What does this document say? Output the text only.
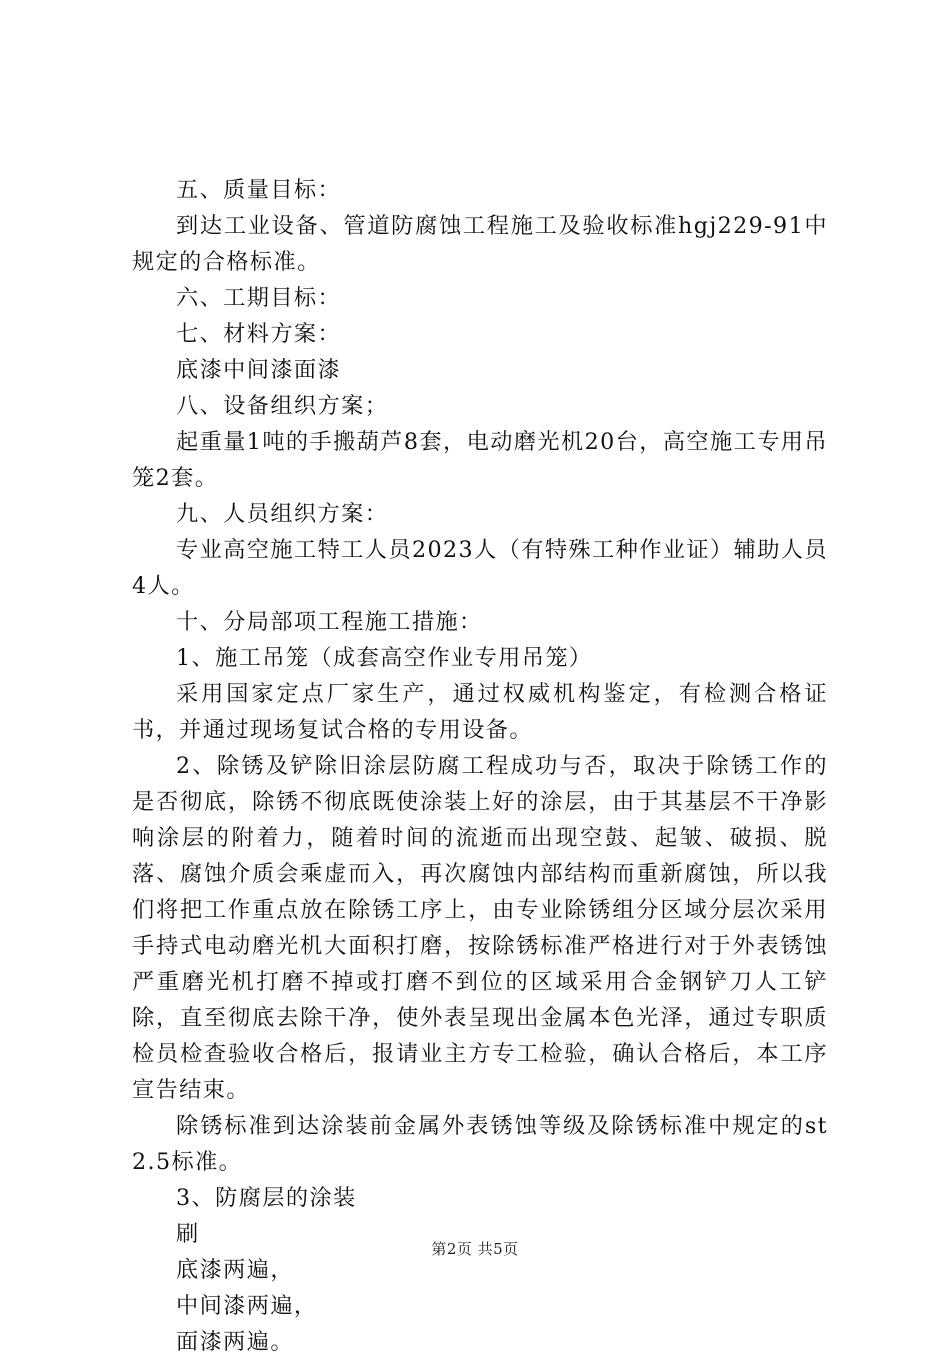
五、质量目标：

到达工业设备、管道防腐蚀工程施工及验收标准hgj229-91中规定的合格标准。

六、工期目标：

七、材料方案：

底漆中间漆面漆

八、设备组织方案；

起重量1吨的手搬葫芦8套，电动磨光机20台，高空施工专用吊笼2套。

九、人员组织方案：

专业高空施工特工人员2023人（有特殊工种作业证）辅助人员4人。

十、分局部项工程施工措施：

1、施工吊笼（成套高空作业专用吊笼）

采用国家定点厂家生产，通过权威机构鉴定，有检测合格证书，并通过现场复试合格的专用设备。

2、除锈及铲除旧涂层防腐工程成功与否，取决于除锈工作的是否彻底，除锈不彻底既使涂装上好的涂层，由于其基层不干净影响涂层的附着力，随着时间的流逝而出现空鼓、起皱、破损、脱落、腐蚀介质会乘虚而入，再次腐蚀内部结构而重新腐蚀，所以我们将把工作重点放在除锈工序上，由专业除锈组分区域分层次采用手持式电动磨光机大面积打磨，按除锈标准严格进行对于外表锈蚀严重磨光机打磨不掉或打磨不到位的区域采用合金钢铲刀人工铲除，直至彻底去除干净，使外表呈现出金属本色光泽，通过专职质检员检查验收合格后，报请业主方专工检验，确认合格后，本工序宣告结束。

除锈标准到达涂装前金属外表锈蚀等级及除锈标准中规定的st2.5标准。

3、防腐层的涂装

刷

底漆两遍，

中间漆两遍，

面漆两遍。

第2页 共5页
